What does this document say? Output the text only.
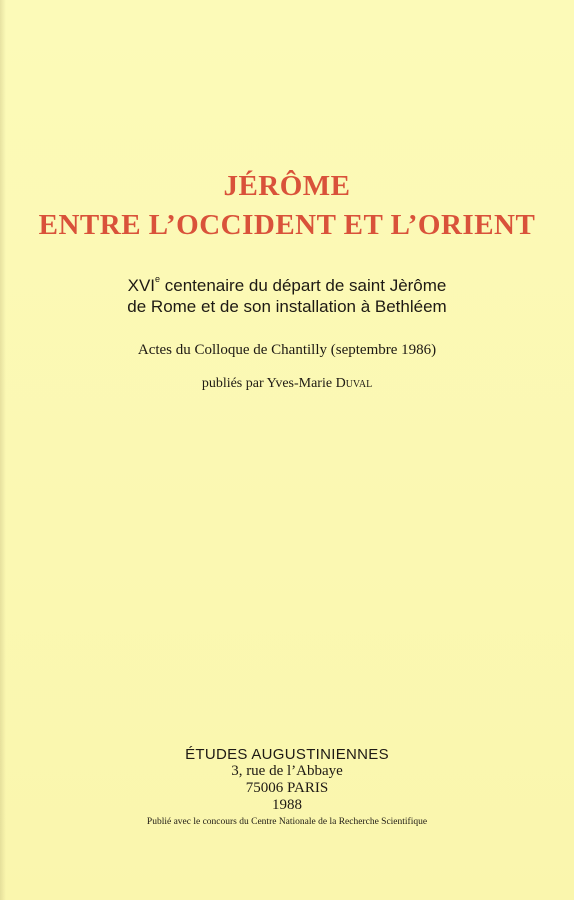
JÉRÔME
ENTRE L’OCCIDENT ET L’ORIENT
XVIe centenaire du départ de saint Jèrôme
de Rome et de son installation à Bethléem
Actes du Colloque de Chantilly (septembre 1986)
publiés par Yves-Marie Duval
ÉTUDES AUGUSTINIENNES
3, rue de l’Abbaye
75006 PARIS
1988
Publié avec le concours du Centre Nationale de la Recherche Scientifique
